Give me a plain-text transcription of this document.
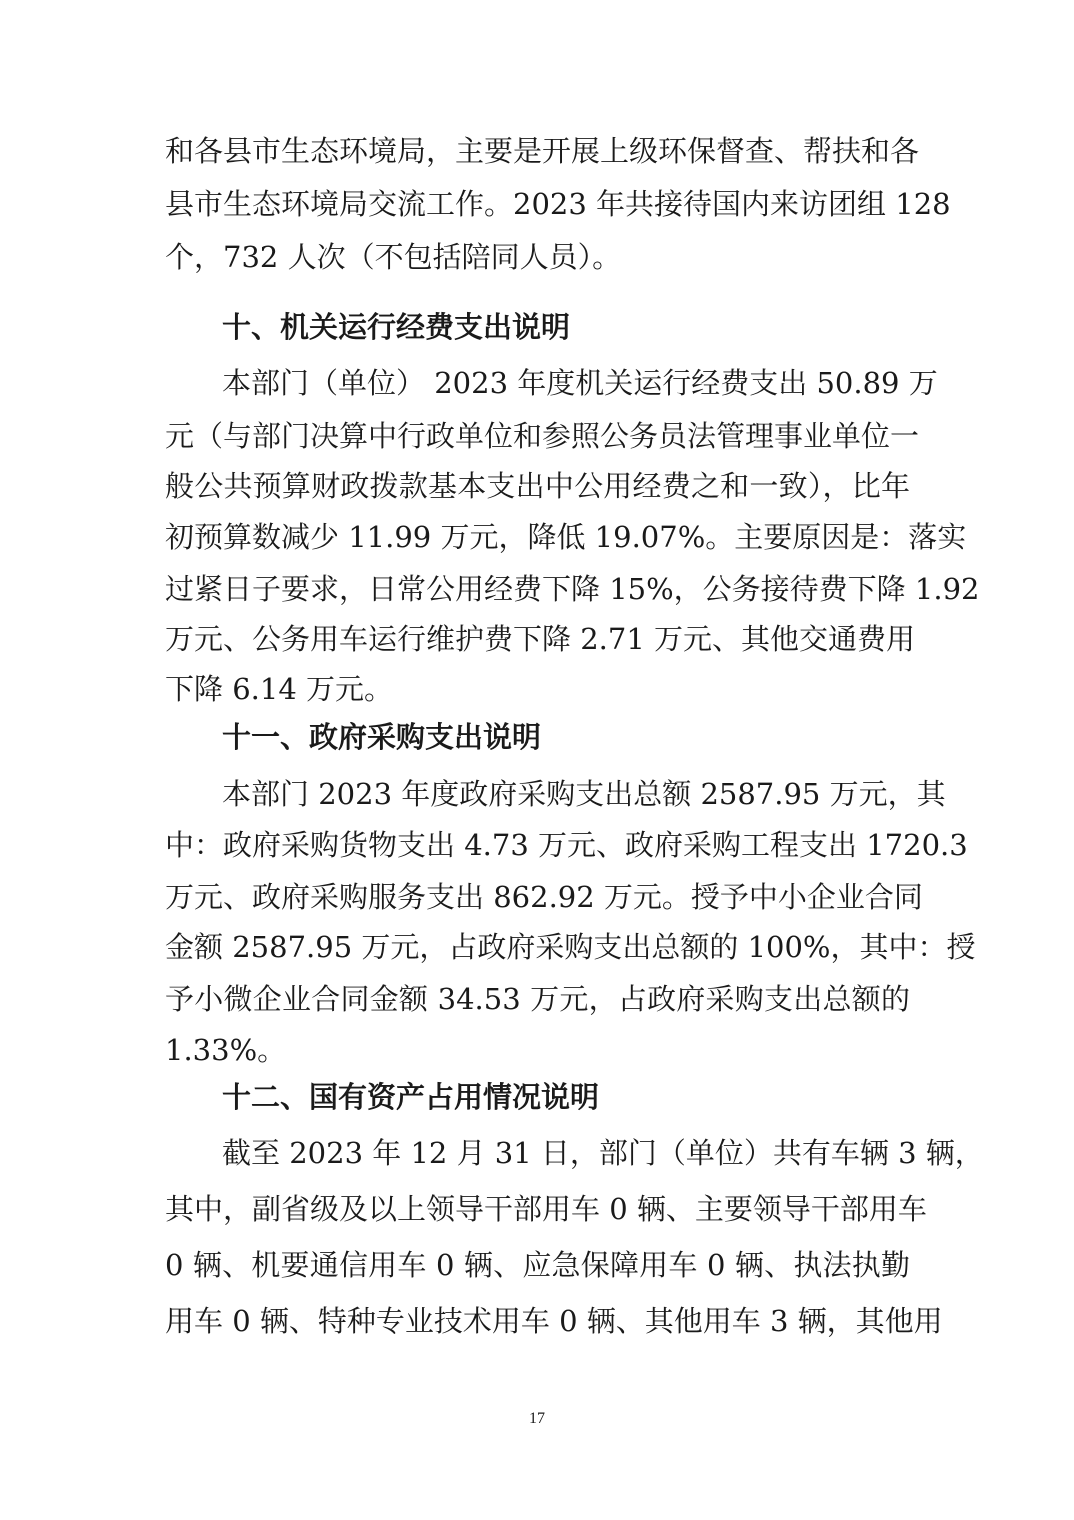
和各县市生态环境局，主要是开展上级环保督查、帮扶和各
县市生态环境局交流工作。2023 年共接待国内来访团组 128
个，732 人次（不包括陪同人员）。
十、机关运行经费支出说明
本部门（单位） 2023 年度机关运行经费支出 50.89 万
元（与部门决算中行政单位和参照公务员法管理事业单位一
般公共预算财政拨款基本支出中公用经费之和一致），比年
初预算数减少 11.99 万元，降低 19.07%。主要原因是：落实
过紧日子要求，日常公用经费下降 15%，公务接待费下降 1.92
万元、公务用车运行维护费下降 2.71 万元、其他交通费用
下降 6.14 万元。
十一、政府采购支出说明
本部门 2023 年度政府采购支出总额 2587.95 万元，其
中：政府采购货物支出 4.73 万元、政府采购工程支出 1720.3
万元、政府采购服务支出 862.92 万元。授予中小企业合同
金额 2587.95 万元，占政府采购支出总额的 100%，其中：授
予小微企业合同金额 34.53 万元，占政府采购支出总额的
1.33%。
十二、国有资产占用情况说明
截至 2023 年 12 月 31 日，部门（单位）共有车辆 3 辆，
其中，副省级及以上领导干部用车 0 辆、主要领导干部用车
0 辆、机要通信用车 0 辆、应急保障用车 0 辆、执法执勤
用车 0 辆、特种专业技术用车 0 辆、其他用车 3 辆，其他用
17
